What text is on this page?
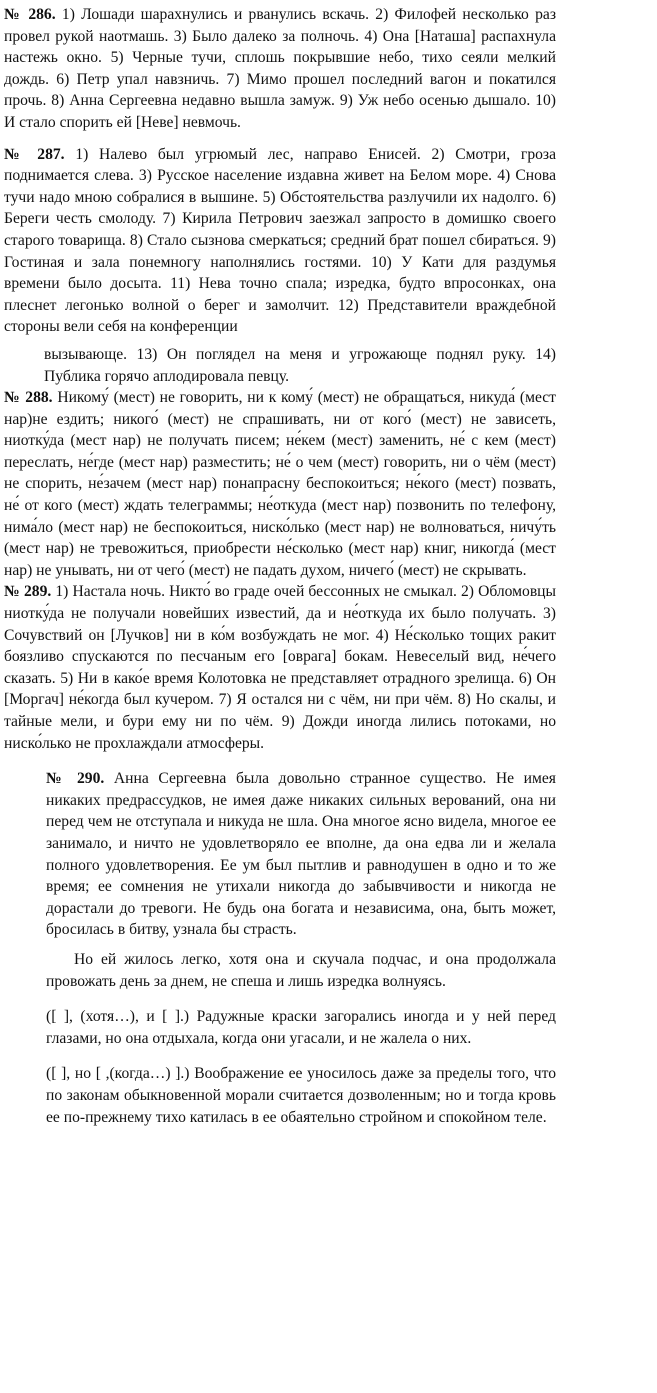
№ 286. 1) Лошади шарахнулись и рванулись вскачь. 2) Филофей несколько раз провел рукой наотмашь. 3) Было далеко за полночь. 4) Она [Наташа] распахнула настежь окно. 5) Черные тучи, сплошь покрывшие небо, тихо сеяли мелкий дождь. 6) Петр упал навзничь. 7) Мимо прошел последний вагон и покатился прочь. 8) Анна Сергеевна недавно вышла замуж. 9) Уж небо осенью дышало. 10) И стало спорить ей [Неве] невмочь.

№ 287. 1) Налево был угрюмый лес, направо Енисей. 2) Смотри, гроза поднимается слева. 3) Русское население издавна живет на Белом море. 4) Снова тучи надо мною собралися в вышине. 5) Обстоятельства разлучили их надолго. 6) Береги честь смолоду. 7) Кирила Петрович заезжал запросто в домишко своего старого товарища. 8) Стало сызнова смеркаться; средний брат пошел сбираться. 9) Гостиная и зала понемногу наполнялись гостями. 10) У Кати для раздумья времени было досыта. 11) Нева точно спала; изредка, будто впросонках, она плеснет легонько волной о берег и замолчит. 12) Представители враждебной стороны вели себя на конференции

вызывающе. 13) Он поглядел на меня и угрожающе поднял руку. 14) Публика горячо аплодировала певцу.

№ 288. Никому́ (мест) не говорить, ни к кому́ (мест) не обращаться, никуда́ (мест нар)не ездить; никого́ (мест) не спрашивать, ни от кого́ (мест) не зависеть, ниотку́да (мест нар) не получать писем; не́кем (мест) заменить, не́ с кем (мест) переслать, не́где (мест нар) разместить; не́ о чем (мест) говорить, ни о чём (мест) не спорить, не́зачем (мест нар) понапрасну беспокоиться; не́кого (мест) позвать, не́ от кого (мест) ждать телеграммы; не́откуда (мест нар) позвонить по телефону, нима́ло (мест нар) не беспокоиться, ниско́лько (мест нар) не волноваться, ничу́ть (мест нар) не тревожиться, приобрести не́сколько (мест нар) книг, никогда́ (мест нар) не унывать, ни от чего́ (мест) не падать духом, ничего́ (мест) не скрывать.

№ 289. 1) Настала ночь. Никто́ во граде очей бессонных не смыкал. 2) Обломовцы ниотку́да не получали новейших известий, да и не́откуда их было получать. 3) Сочувствий он [Лучков] ни в ко́м возбуждать не мог. 4) Не́сколько тощих ракит боязливо спускаются по песчаным его [оврага] бокам. Невеселый вид, не́чего сказать. 5) Ни в како́е время Колотовка не представляет отрадного зрелища. 6) Он [Моргач] не́когда был кучером. 7) Я остался ни с чём, ни при чём. 8) Но скалы, и тайные мели, и бури ему ни по чём. 9) Дожди иногда лились потоками, но ниско́лько не прохлаждали атмосферы.

№ 290. Анна Сергеевна была довольно странное существо. Не имея никаких предрассудков, не имея даже никаких сильных верований, она ни перед чем не отступала и никуда не шла. Она многое ясно видела, многое ее занимало, и ничто не удовлетворяло ее вполне, да она едва ли и желала полного удовлетворения. Ее ум был пытлив и равнодушен в одно и то же время; ее сомнения не утихали никогда до забывчивости и никогда не дорастали до тревоги. Не будь она богата и независима, она, быть может, бросилась в битву, узнала бы страсть.

Но ей жилось легко, хотя она и скучала подчас, и она продолжала провожать день за днем, не спеша и лишь изредка волнуясь.

([ ], (хотя…), и [ ].) Радужные краски загорались иногда и у ней перед глазами, но она отдыхала, когда они угасали, и не жалела о них.

([ ], но [ ,(когда…) ].) Воображение ее уносилось даже за пределы того, что по законам обыкновенной морали считается дозволенным; но и тогда кровь ее по-прежнему тихо катилась в ее обаятельно стройном и спокойном теле.
